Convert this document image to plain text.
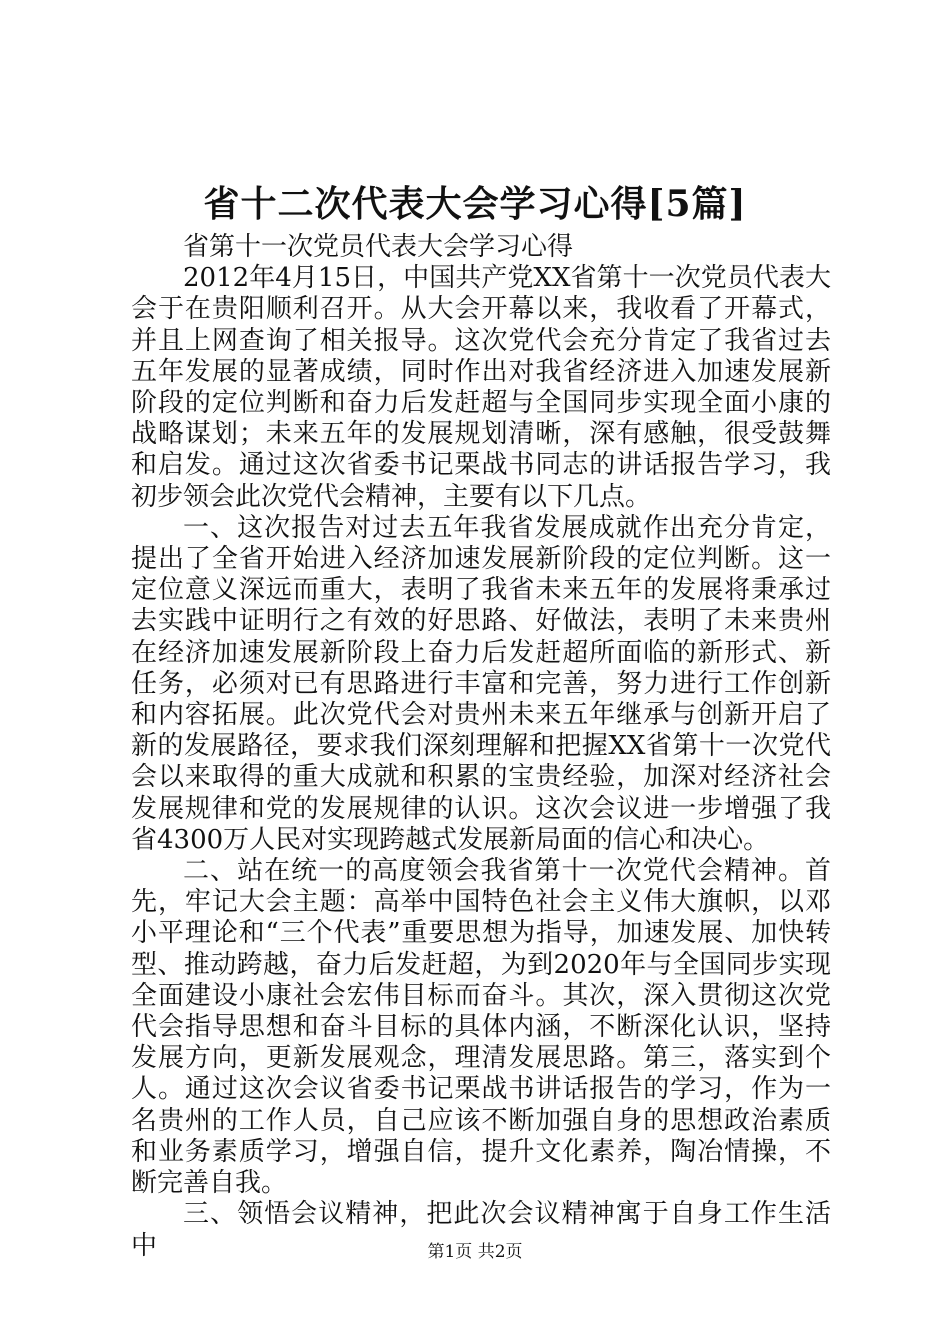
省十二次代表大会学习心得[5篇]

省第十一次党员代表大会学习心得

2012年4月15日，中国共产党XX省第十一次党员代表大会于在贵阳顺利召开。从大会开幕以来，我收看了开幕式，并且上网查询了相关报导。这次党代会充分肯定了我省过去五年发展的显著成绩，同时作出对我省经济进入加速发展新阶段的定位判断和奋力后发赶超与全国同步实现全面小康的战略谋划；未来五年的发展规划清晰，深有感触，很受鼓舞和启发。通过这次省委书记栗战书同志的讲话报告学习，我初步领会此次党代会精神，主要有以下几点。

一、这次报告对过去五年我省发展成就作出充分肯定，提出了全省开始进入经济加速发展新阶段的定位判断。这一定位意义深远而重大，表明了我省未来五年的发展将秉承过去实践中证明行之有效的好思路、好做法，表明了未来贵州在经济加速发展新阶段上奋力后发赶超所面临的新形式、新任务，必须对已有思路进行丰富和完善，努力进行工作创新和内容拓展。此次党代会对贵州未来五年继承与创新开启了新的发展路径，要求我们深刻理解和把握XX省第十一次党代会以来取得的重大成就和积累的宝贵经验，加深对经济社会发展规律和党的发展规律的认识。这次会议进一步增强了我省4300万人民对实现跨越式发展新局面的信心和决心。

二、站在统一的高度领会我省第十一次党代会精神。首先，牢记大会主题：高举中国特色社会主义伟大旗帜，以邓小平理论和“三个代表”重要思想为指导，加速发展、加快转型、推动跨越，奋力后发赶超，为到2020年与全国同步实现全面建设小康社会宏伟目标而奋斗。其次，深入贯彻这次党代会指导思想和奋斗目标的具体内涵，不断深化认识，坚持发展方向，更新发展观念，理清发展思路。第三，落实到个人。通过这次会议省委书记栗战书讲话报告的学习，作为一名贵州的工作人员，自己应该不断加强自身的思想政治素质和业务素质学习，增强自信，提升文化素养，陶冶情操，不断完善自我。

三、领悟会议精神，把此次会议精神寓于自身工作生活中	第1页 共2页
